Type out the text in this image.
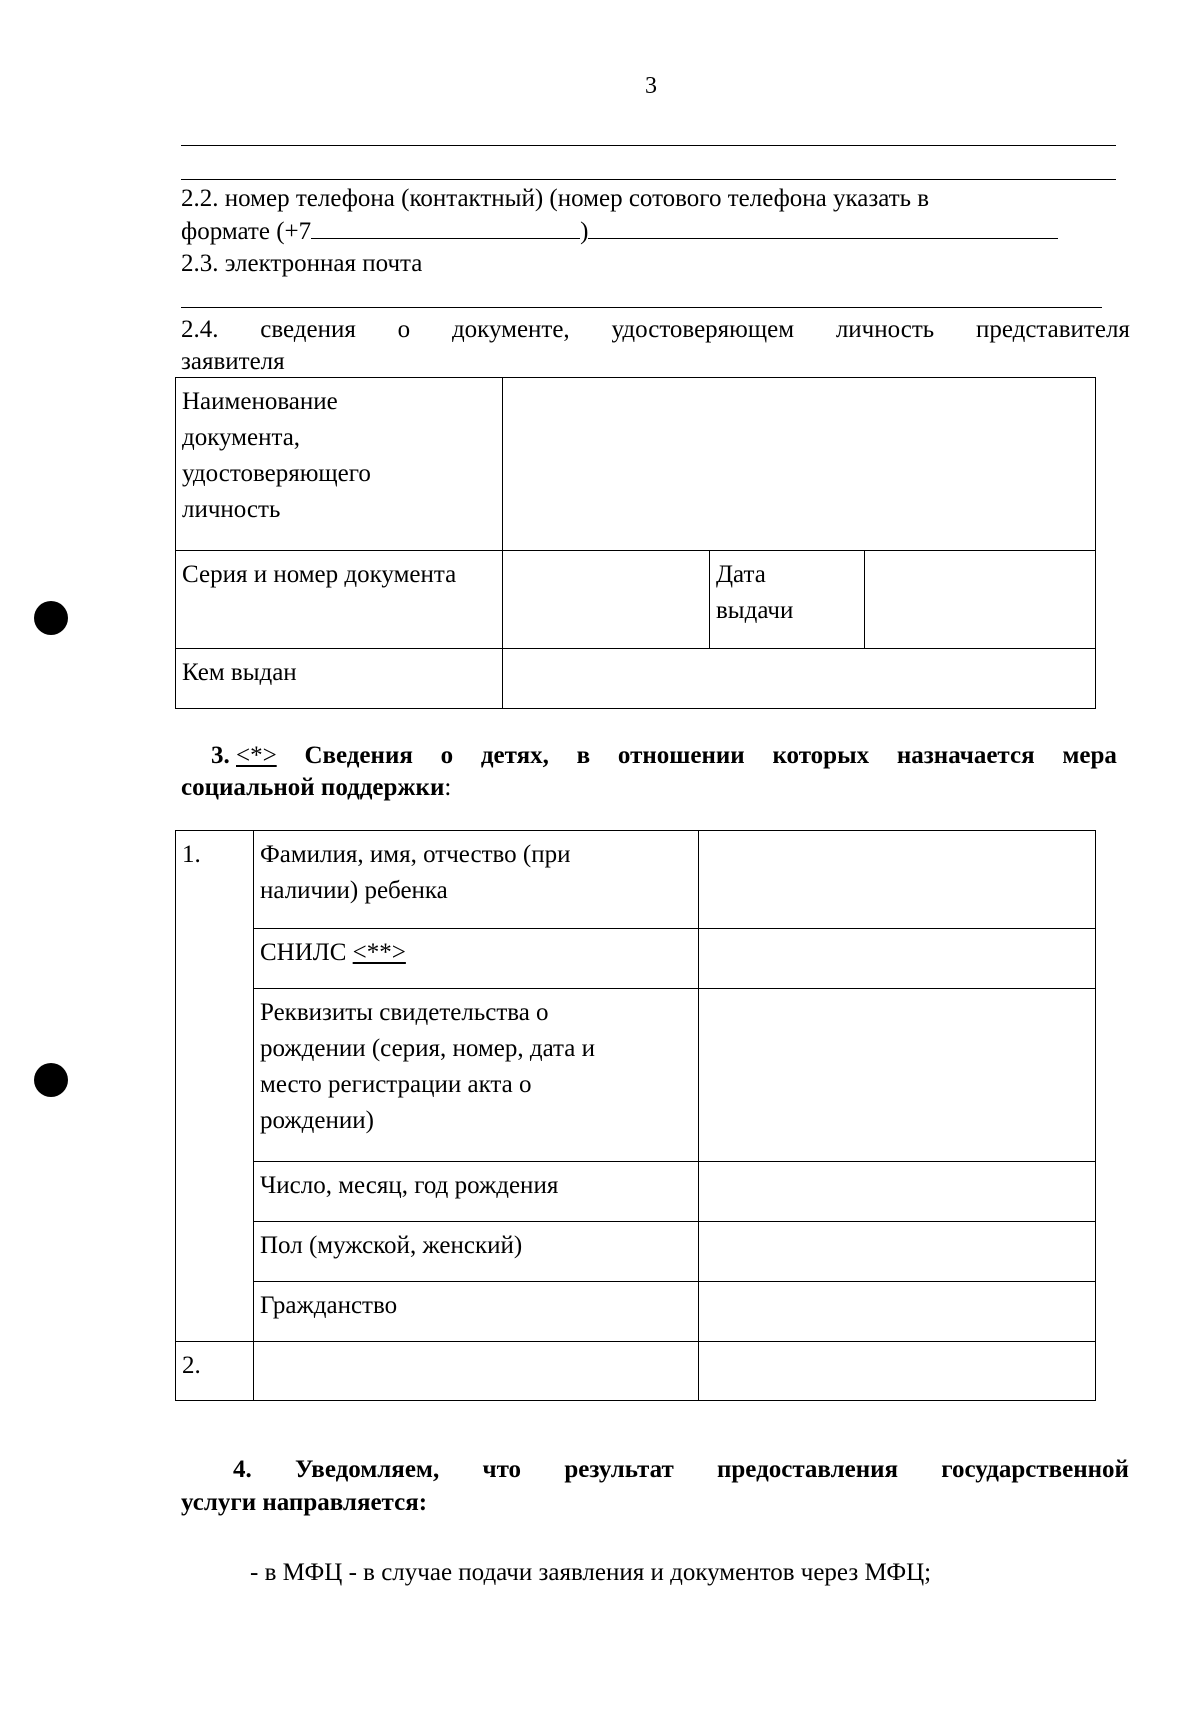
3
2.2. номер телефона (контактный) (номер сотового телефона указать в
формате (+7	)
2.3. электронная почта
2.4. сведения о документе, удостоверяющем личность представителя
заявителя
Наименование
документа,
удостоверяющего
личность			

Серия и номер документа		Дата
выдачи	

Кем выдан			
3. <*> Сведения о детях, в отношении которых назначается мера
социальной поддержки:
1.	Фамилия, имя, отчество (при
наличии) ребенка	

	СНИЛС <**>	

	Реквизиты свидетельства о
рождении (серия, номер, дата и
место регистрации акта о
рождении)	

	Число, месяц, год рождения	
	Пол (мужской, женский)	
	Гражданство	
2.		
4. Уведомляем, что результат предоставления государственной
услуги направляется:
- в МФЦ - в случае подачи заявления и документов через МФЦ;
